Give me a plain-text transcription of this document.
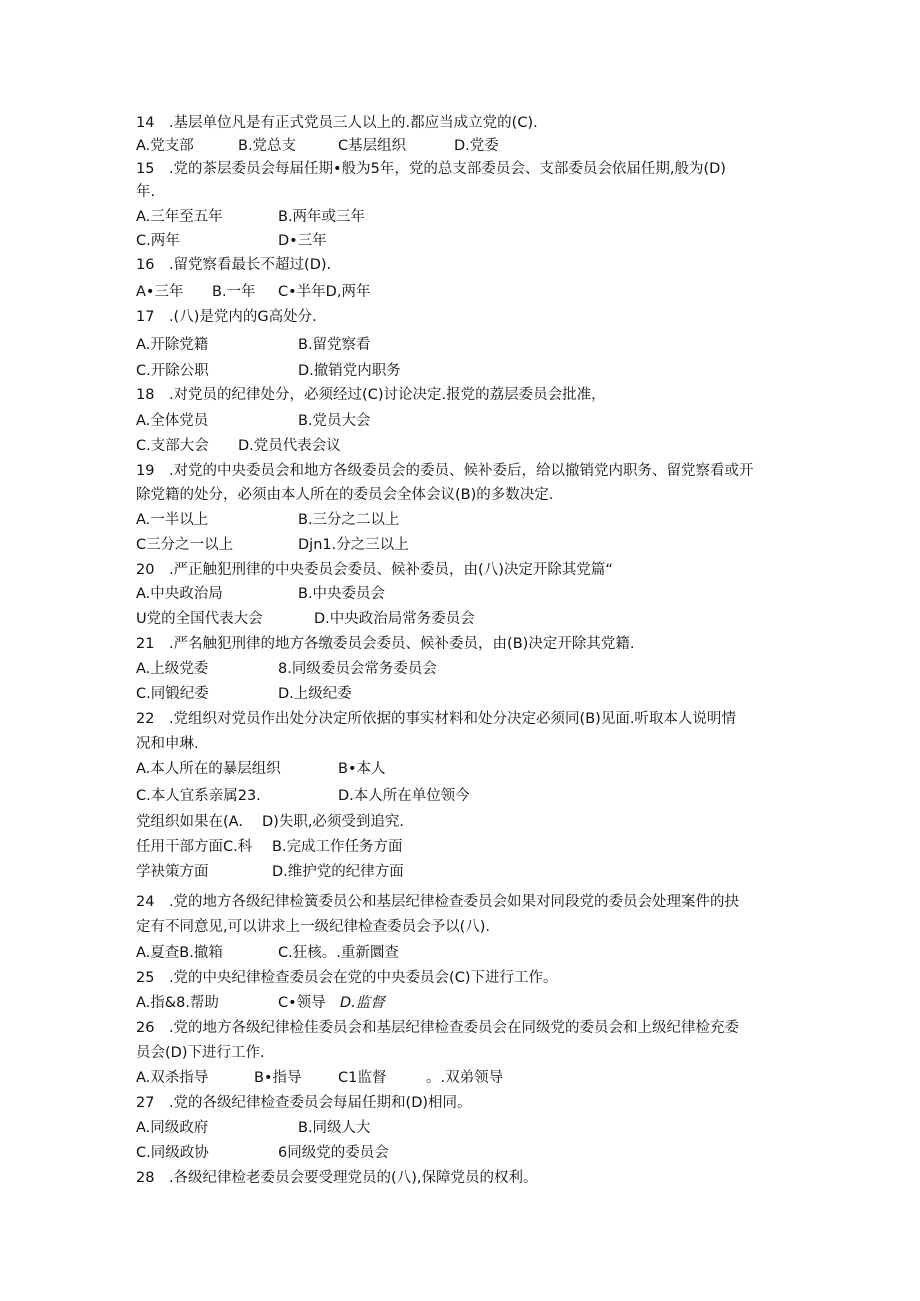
14　.基层单位凡是有正式党员三人以上的.都应当成立党的(C).
A.党支部	B.党总支	C基层组织	D.党委
15　.党的茶层委员会每届任期•般为5年，党的总支部委员会、支部委员会依届任期,般为(D)
年.
A.三年至五年	B.两年或三年
C.两年	D•三年
16　.留党察看最长不超过(D).
A•三年 B.一年 C•半年D,两年
17　.(八)是党内的G高处分.
A.开除党籍	B.留党察看
C.开除公职	D.撤销党内职务
18　.对党员的纪律处分，必须经过(C)讨论决定.报党的荔层委员会批准，
A.全体党员	B.党员大会
C.支部大会 D.党员代表会议
19　.对党的中央委员会和地方各级委员会的委员、候补委后，给以撤销党内职务、留党察看或开
除党籍的处分，必须由本人所在的委员会全体会议(B)的多数决定.
A.一半以上	B.三分之二以上
C三分之一以上	Djn1.分之三以上
20　.严正触犯刑律的中央委员会委员、候补委员，由(八)决定开除其党篇“
A.中央政治局	B.中央委员会
U党的全国代表大会	D.中央政治局常务委员会
21　.严名触犯刑律的地方各缴委员会委员、候补委员，由(B)决定开除其党籍.
A.上级党委	8.同级委员会常务委员会
C.同锻纪委	D.上级纪委
22　.党组织对党员作出处分决定所依据的事实材料和处分决定必须同(B)见面.听取本人说明情
况和申琳.
A.本人所在的暴层组织	B•本人
C.本人宜系亲属23.	D.本人所在单位领今
党组织如果在(A. D)失职,必须受到追究.
任用干部方面C.科 B.完成工作任务方面
学袂策方面	D.维护党的纪律方面
24　.党的地方各级纪律检簧委员公和基层纪律检查委员会如果对同段党的委员会处理案件的抉
定有不同意见,可以讲求上一级纪律检查委员会予以(八).
A.夏查B.撤箱	C.狂核。.重新圜查
25　.党的中央纪律检查委员会在党的中央委员会(C)下进行工作。
A.指&8.帮助	C•领导 D.监督
26　.党的地方各级纪律检佳委员会和基层纪律检查委员会在同级党的委员会和上级纪律检充委
员会(D)下进行工作.
A.双杀指导	B•指导	C1监督	。.双弟领导
27　.党的各级纪律检查委员会每届任期和(D)相同。
A.同级政府	B.同级人大
C.同级政协	6同级党的委员会
28　.各级纪律检老委员会要受理党员的(八),保障党员的权利。
